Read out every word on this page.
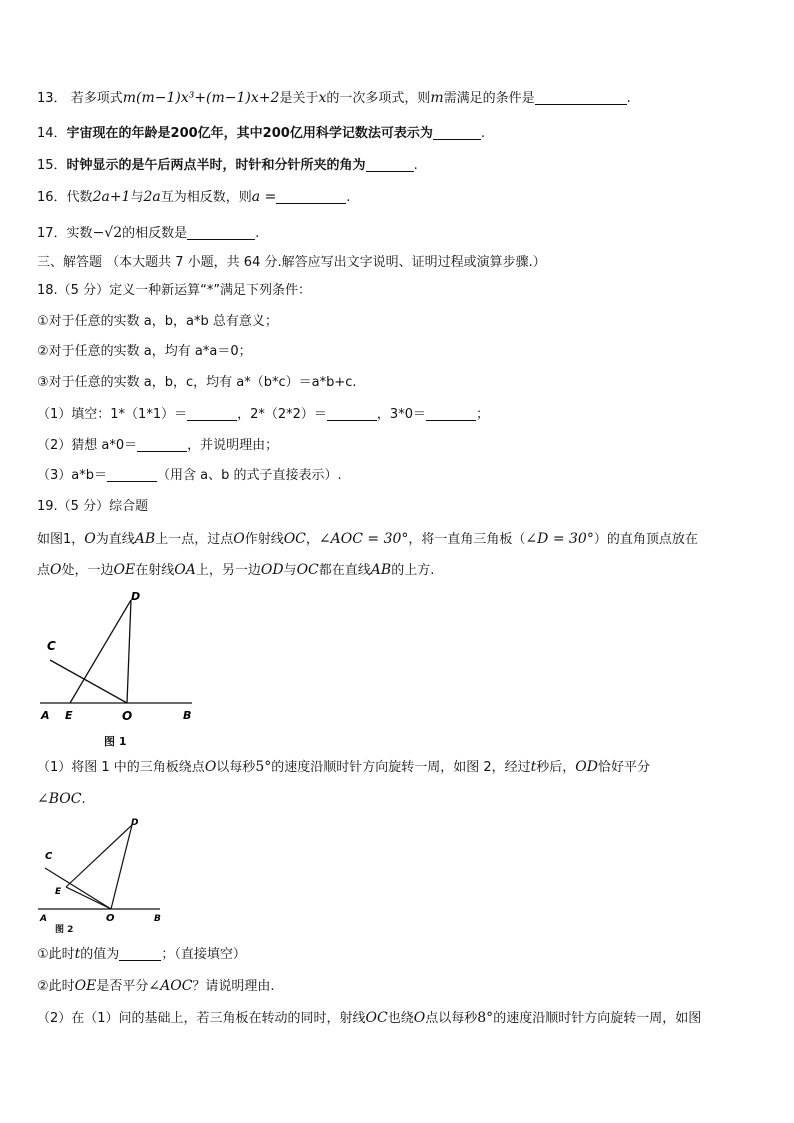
13． 若多项式m(m−1)x³+(m−1)x+2是关于x的一次多项式，则m需满足的条件是	.
14．宇宙现在的年龄是200亿年，其中200亿用科学记数法可表示为	.
15．时钟显示的是午后两点半时，时针和分针所夹的角为	.
16．代数2a+1与2a互为相反数，则a =	.
17．实数−√2的相反数是	.
三、解答题 （本大题共 7 小题，共 64 分.解答应写出文字说明、证明过程或演算步骤.）
18.（5 分）定义一种新运算“*”满足下列条件：
①对于任意的实数 a，b，a*b 总有意义；
②对于任意的实数 a，均有 a*a＝0；
③对于任意的实数 a，b，c，均有 a*（b*c）＝a*b+c.
（1）填空：1*（1*1）＝	，2*（2*2）＝	，3*0＝	；
（2）猜想 a*0＝	，并说明理由；
（3）a*b＝	（用含 a、b 的式子直接表示）.
19.（5 分）综合题
如图1，O为直线AB上一点，过点O作射线OC，∠AOC = 30°，将一直角三角板（∠D = 30°）的直角顶点放在
点O处，一边OE在射线OA上，另一边OD与OC都在直线AB的上方.
D
C
A E	O	B
图 1
（1）将图 1 中的三角板绕点O以每秒5°的速度沿顺时针方向旋转一周，如图 2，经过t秒后，OD恰好平分
∠BOC.
D
C
E
A	O	B
图 2
①此时t的值为	；（直接填空）
②此时OE是否平分∠AOC？请说明理由.
（2）在（1）问的基础上，若三角板在转动的同时，射线OC也绕O点以每秒8°的速度沿顺时针方向旋转一周，如图
